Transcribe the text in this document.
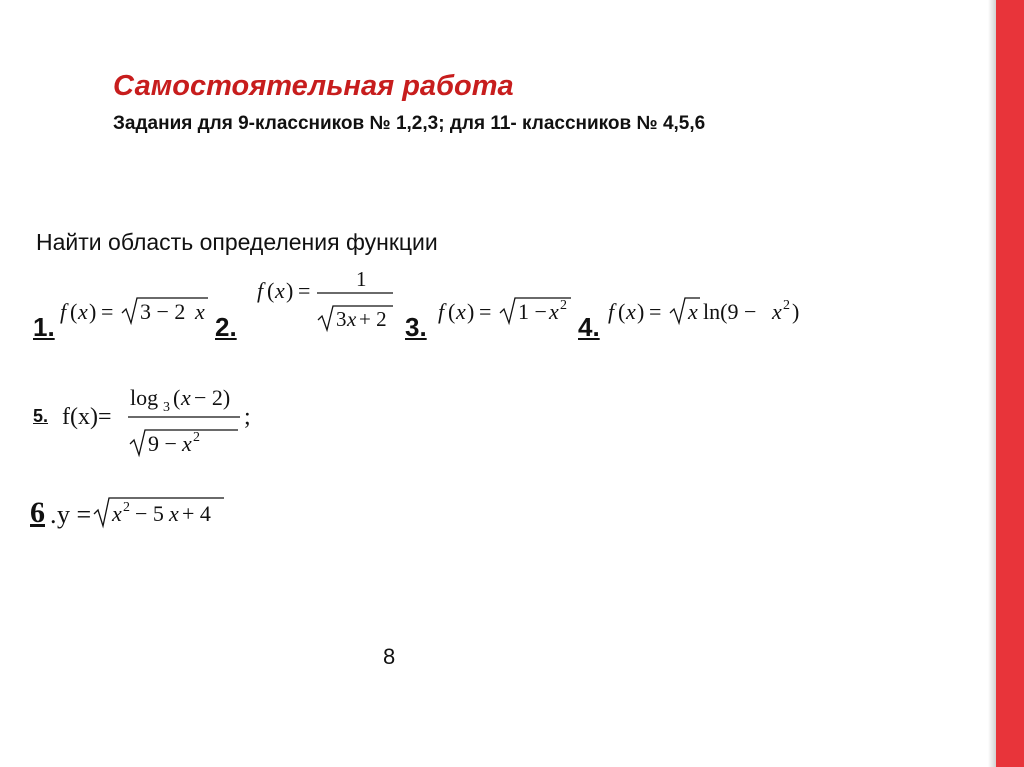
Самостоятельная работа
Задания для 9-классников № 1,2,3; для 11- классников № 4,5,6
Найти область определения функции
1.
f ( x ) = 3 − 2 x
2.
f ( x ) = 1
3 x + 2 3.
f ( x ) = 1 − x 2
4.
f ( x ) = x ln(9 − x 2 )
5. f(x)=
log 3 ( x − 2)
9 − x 2
;
6 . y = x 2 − 5 x + 4
8
